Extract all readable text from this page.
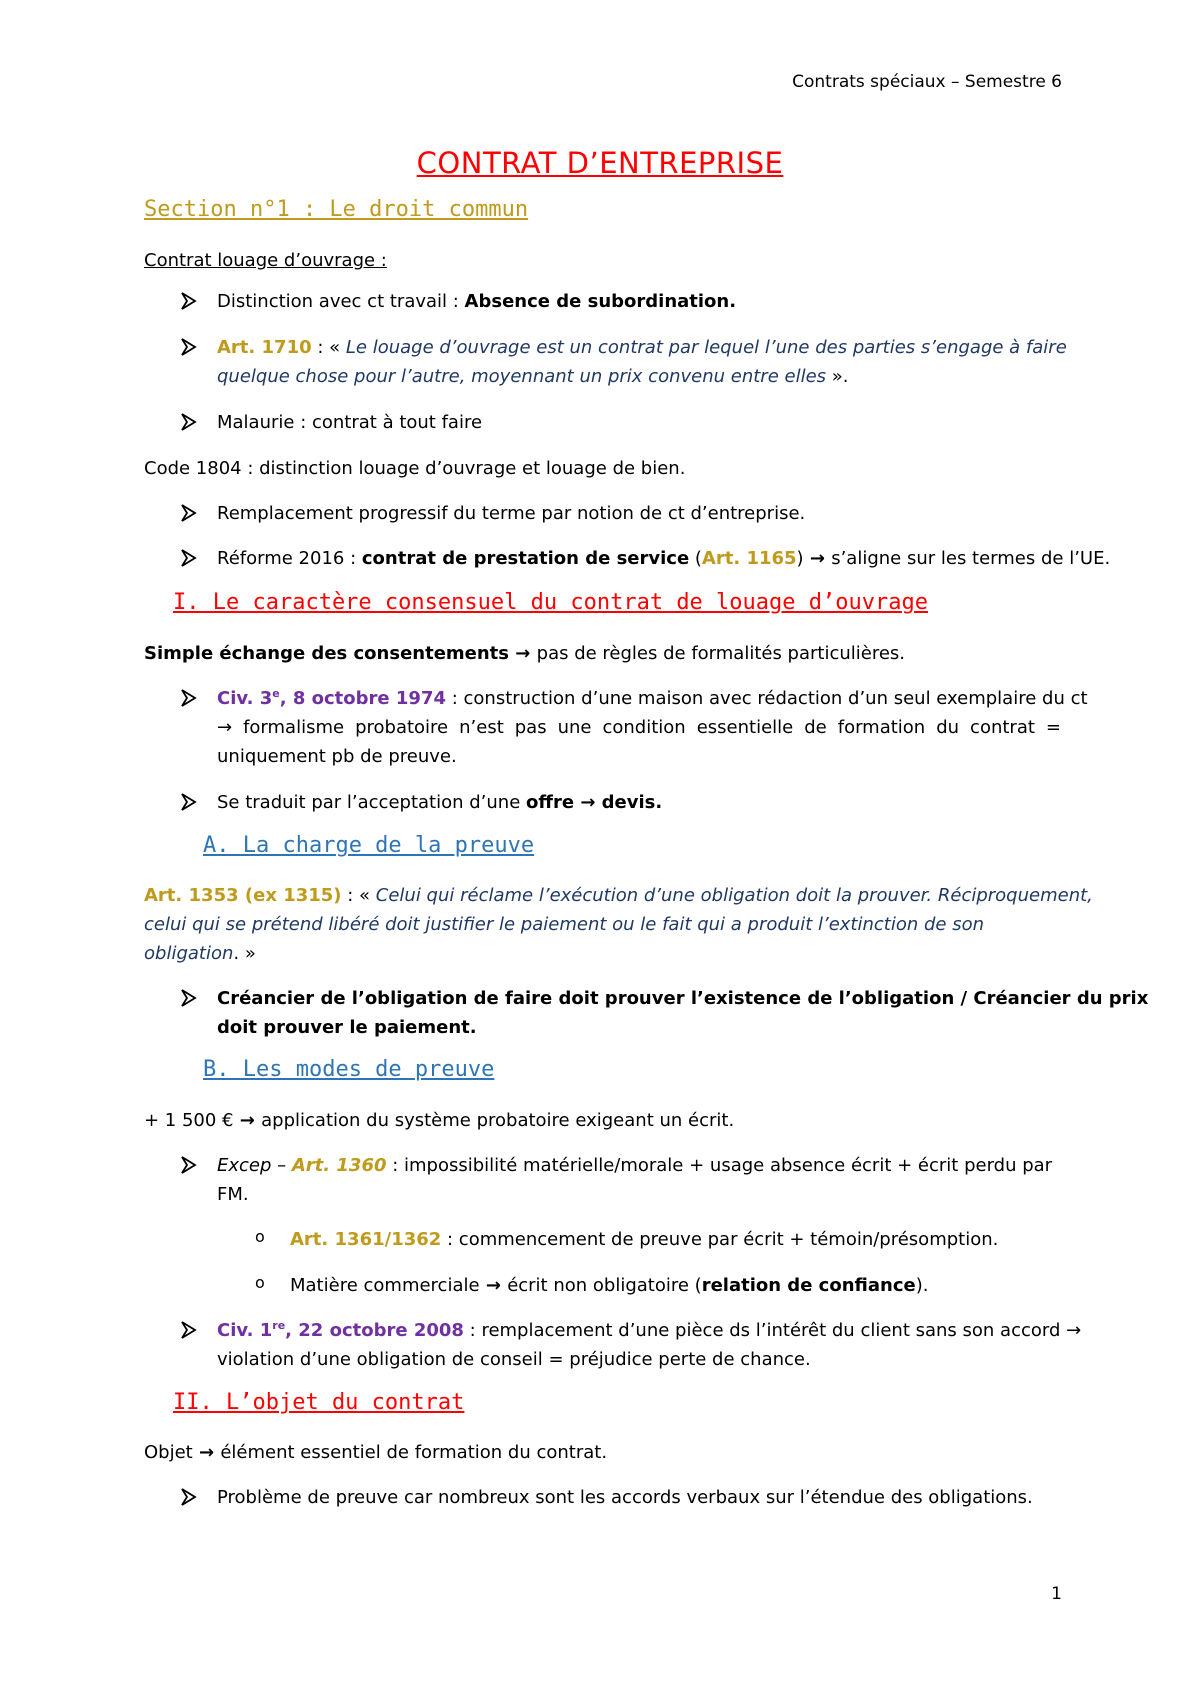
Contrats spéciaux – Semestre 6
CONTRAT D’ENTREPRISE
Section n°1 : Le droit commun
Contrat louage d’ouvrage :
Distinction avec ct travail : Absence de subordination.
Art. 1710 : « Le louage d’ouvrage est un contrat par lequel l’une des parties s’engage à faire
quelque chose pour l’autre, moyennant un prix convenu entre elles ».
Malaurie : contrat à tout faire
Code 1804 : distinction louage d’ouvrage et louage de bien.
Remplacement progressif du terme par notion de ct d’entreprise.
Réforme 2016 : contrat de prestation de service (Art. 1165) → s’aligne sur les termes de l’UE.
I. Le caractère consensuel du contrat de louage d’ouvrage
Simple échange des consentements → pas de règles de formalités particulières.
Civ. 3e, 8 octobre 1974 : construction d’une maison avec rédaction d’un seul exemplaire du ct
→ formalisme probatoire n’est pas une condition essentielle de formation du contrat =
uniquement pb de preuve.
Se traduit par l’acceptation d’une offre → devis.
A. La charge de la preuve
Art. 1353 (ex 1315) : « Celui qui réclame l’exécution d’une obligation doit la prouver. Réciproquement,
celui qui se prétend libéré doit justifier le paiement ou le fait qui a produit l’extinction de son
obligation. »
Créancier de l’obligation de faire doit prouver l’existence de l’obligation / Créancier du prix
doit prouver le paiement.
B. Les modes de preuve
+ 1 500 € → application du système probatoire exigeant un écrit.
Excep – Art. 1360 : impossibilité matérielle/morale + usage absence écrit + écrit perdu par
FM.
o Art. 1361/1362 : commencement de preuve par écrit + témoin/présomption.
o Matière commerciale → écrit non obligatoire (relation de confiance).
Civ. 1re, 22 octobre 2008 : remplacement d’une pièce ds l’intérêt du client sans son accord →
violation d’une obligation de conseil = préjudice perte de chance.
II. L’objet du contrat
Objet → élément essentiel de formation du contrat.
Problème de preuve car nombreux sont les accords verbaux sur l’étendue des obligations.
1
